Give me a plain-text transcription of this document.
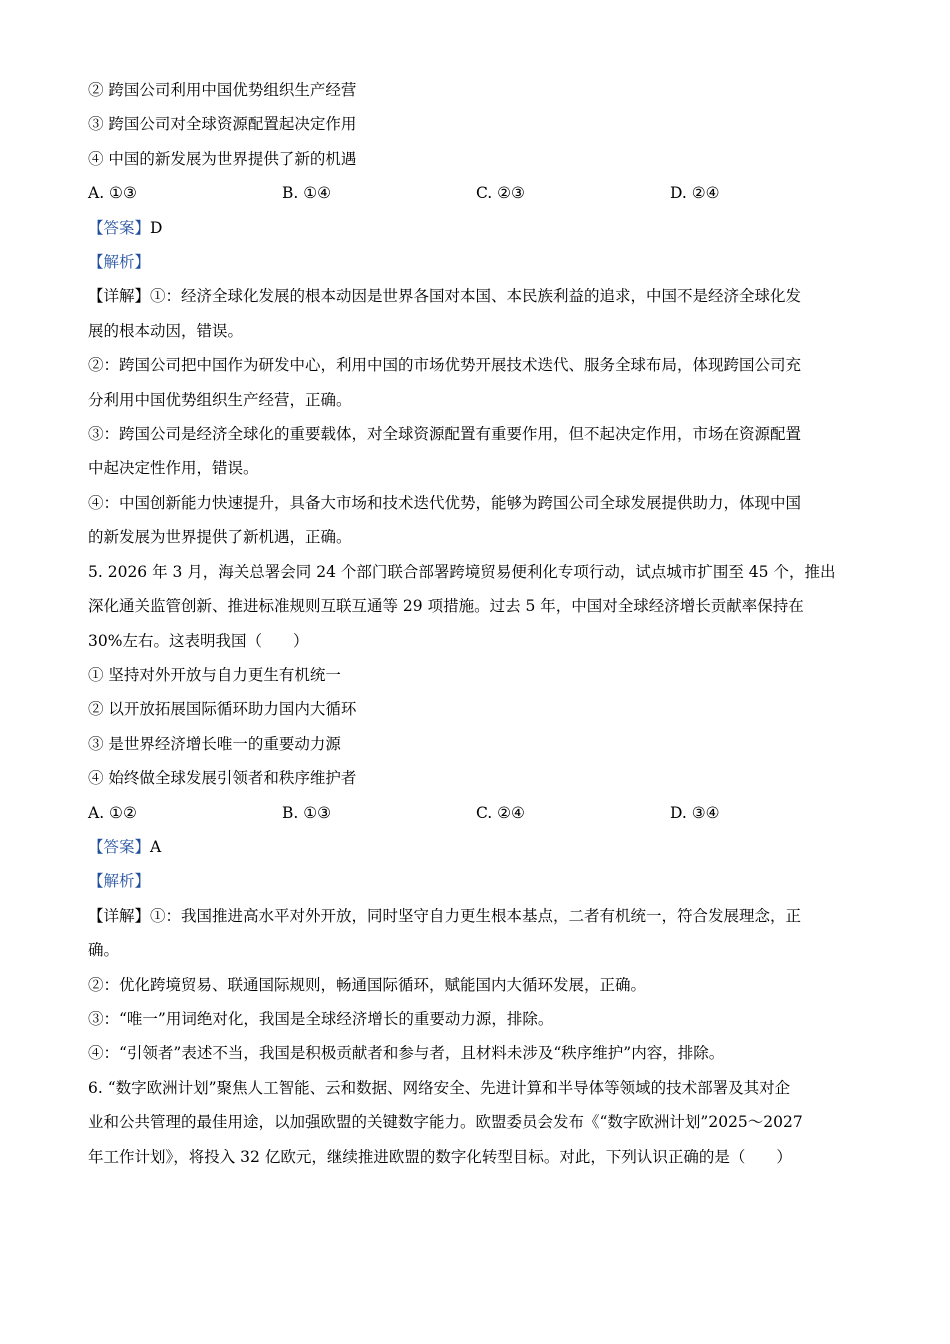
② 跨国公司利用中国优势组织生产经营
③ 跨国公司对全球资源配置起决定作用
④ 中国的新发展为世界提供了新的机遇
A. ①③	B. ①④	C. ②③	D. ②④
【答案】D
【解析】
【详解】①：经济全球化发展的根本动因是世界各国对本国、本民族利益的追求，中国不是经济全球化发
展的根本动因，错误。
②：跨国公司把中国作为研发中心，利用中国的市场优势开展技术迭代、服务全球布局，体现跨国公司充
分利用中国优势组织生产经营，正确。
③：跨国公司是经济全球化的重要载体，对全球资源配置有重要作用，但不起决定作用，市场在资源配置
中起决定性作用，错误。
④：中国创新能力快速提升，具备大市场和技术迭代优势，能够为跨国公司全球发展提供助力，体现中国
的新发展为世界提供了新机遇，正确。
5. 2026 年 3 月，海关总署会同 24 个部门联合部署跨境贸易便利化专项行动，试点城市扩围至 45 个，推出
深化通关监管创新、推进标准规则互联互通等 29 项措施。过去 5 年，中国对全球经济增长贡献率保持在
30%左右。这表明我国（　　）
① 坚持对外开放与自力更生有机统一
② 以开放拓展国际循环助力国内大循环
③ 是世界经济增长唯一的重要动力源
④ 始终做全球发展引领者和秩序维护者
A. ①②	B. ①③	C. ②④	D. ③④
【答案】A
【解析】
【详解】①：我国推进高水平对外开放，同时坚守自力更生根本基点，二者有机统一，符合发展理念，正
确。
②：优化跨境贸易、联通国际规则，畅通国际循环，赋能国内大循环发展，正确。
③：“唯一”用词绝对化，我国是全球经济增长的重要动力源，排除。
④：“引领者”表述不当，我国是积极贡献者和参与者，且材料未涉及“秩序维护”内容，排除。
6. “数字欧洲计划”聚焦人工智能、云和数据、网络安全、先进计算和半导体等领域的技术部署及其对企
业和公共管理的最佳用途，以加强欧盟的关键数字能力。欧盟委员会发布《“数字欧洲计划”2025～2027
年工作计划》，将投入 32 亿欧元，继续推进欧盟的数字化转型目标。对此，下列认识正确的是（　　）
